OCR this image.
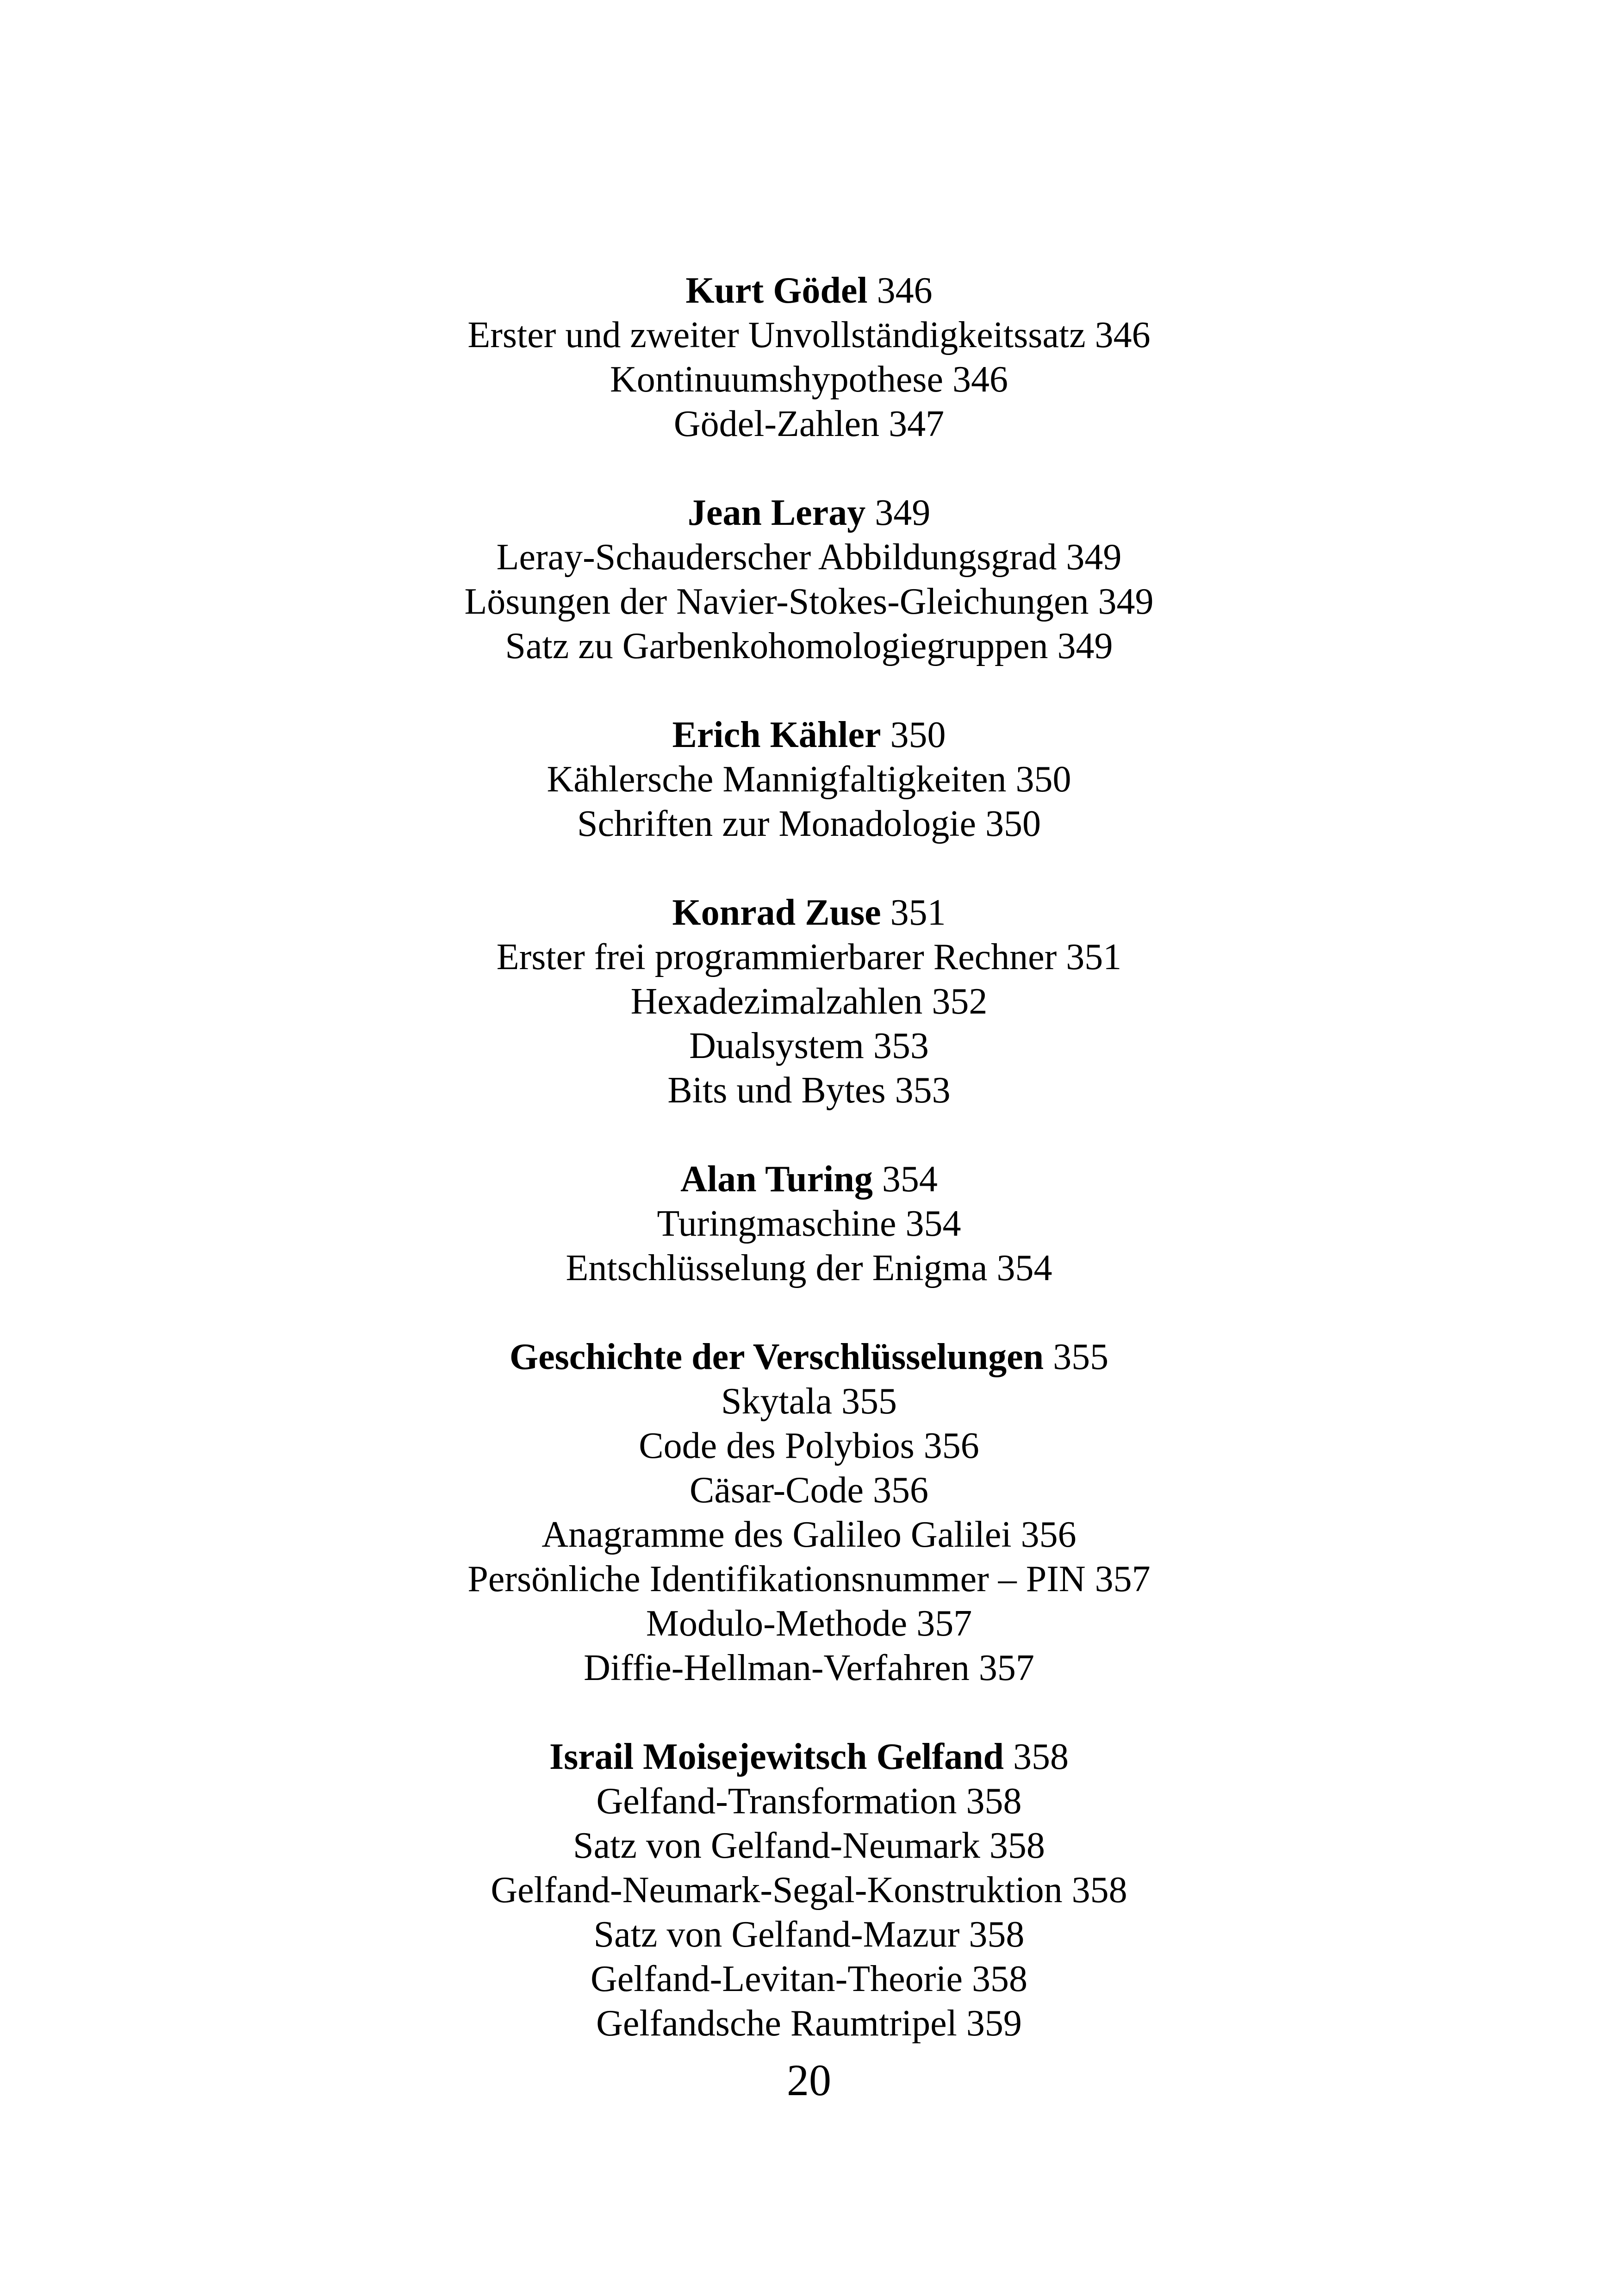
Kurt Gödel 346
Erster und zweiter Unvollständigkeitssatz 346
Kontinuumshypothese 346
Gödel-Zahlen 347
Jean Leray 349
Leray-Schauderscher Abbildungsgrad 349
Lösungen der Navier-Stokes-Gleichungen 349
Satz zu Garbenkohomologiegruppen 349
Erich Kähler 350
Kählersche Mannigfaltigkeiten 350
Schriften zur Monadologie 350
Konrad Zuse 351
Erster frei programmierbarer Rechner 351
Hexadezimalzahlen 352
Dualsystem 353
Bits und Bytes 353
Alan Turing 354
Turingmaschine 354
Entschlüsselung der Enigma 354
Geschichte der Verschlüsselungen 355
Skytala 355
Code des Polybios 356
Cäsar-Code 356
Anagramme des Galileo Galilei 356
Persönliche Identifikationsnummer – PIN 357
Modulo-Methode 357
Diffie-Hellman-Verfahren 357
Israil Moisejewitsch Gelfand 358
Gelfand-Transformation 358
Satz von Gelfand-Neumark 358
Gelfand-Neumark-Segal-Konstruktion 358
Satz von Gelfand-Mazur 358
Gelfand-Levitan-Theorie 358
Gelfandsche Raumtripel 359
20
